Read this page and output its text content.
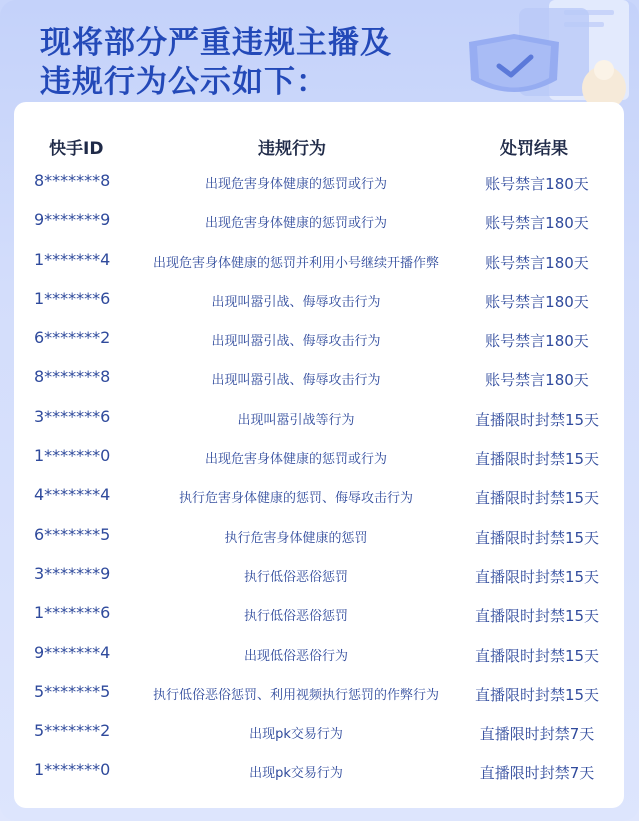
现将部分严重违规主播及
违规行为公示如下：
快手ID	违规行为	处罚结果
8*******8	出现危害身体健康的惩罚或行为	账号禁言180天
9*******9	出现危害身体健康的惩罚或行为	账号禁言180天
1*******4	出现危害身体健康的惩罚并利用小号继续开播作弊	账号禁言180天
1*******6	出现叫嚣引战、侮辱攻击行为	账号禁言180天
6*******2	出现叫嚣引战、侮辱攻击行为	账号禁言180天
8*******8	出现叫嚣引战、侮辱攻击行为	账号禁言180天
3*******6	出现叫嚣引战等行为	直播限时封禁15天
1*******0	出现危害身体健康的惩罚或行为	直播限时封禁15天
4*******4	执行危害身体健康的惩罚、侮辱攻击行为	直播限时封禁15天
6*******5	执行危害身体健康的惩罚	直播限时封禁15天
3*******9	执行低俗恶俗惩罚	直播限时封禁15天
1*******6	执行低俗恶俗惩罚	直播限时封禁15天
9*******4	出现低俗恶俗行为	直播限时封禁15天
5*******5	执行低俗恶俗惩罚、利用视频执行惩罚的作弊行为	直播限时封禁15天
5*******2	出现pk交易行为	直播限时封禁7天
1*******0	出现pk交易行为	直播限时封禁7天
